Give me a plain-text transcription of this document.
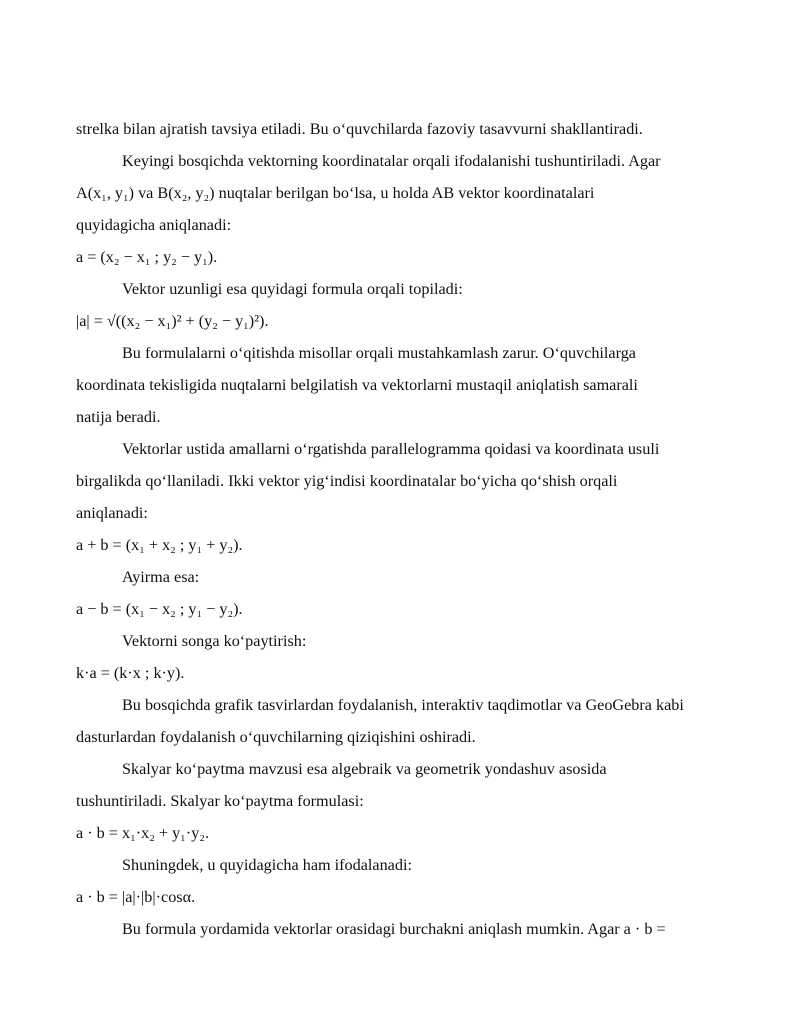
strelka bilan ajratish tavsiya etiladi. Bu o‘quvchilarda fazoviy tasavvurni shakllantiradi.
Keyingi bosqichda vektorning koordinatalar orqali ifodalanishi tushuntiriladi. Agar
A(x₁, y₁) va B(x₂, y₂) nuqtalar berilgan bo‘lsa, u holda AB vektor koordinatalari
quyidagicha aniqlanadi:
a = (x₂ − x₁ ; y₂ − y₁).
Vektor uzunligi esa quyidagi formula orqali topiladi:
|a| = √((x₂ − x₁)² + (y₂ − y₁)²).
Bu formulalarni o‘qitishda misollar orqali mustahkamlash zarur. O‘quvchilarga
koordinata tekisligida nuqtalarni belgilatish va vektorlarni mustaqil aniqlatish samarali
natija beradi.
Vektorlar ustida amallarni o‘rgatishda parallelogramma qoidasi va koordinata usuli
birgalikda qo‘llaniladi. Ikki vektor yig‘indisi koordinatalar bo‘yicha qo‘shish orqali
aniqlanadi:
a + b = (x₁ + x₂ ; y₁ + y₂).
Ayirma esa:
a − b = (x₁ − x₂ ; y₁ − y₂).
Vektorni songa ko‘paytirish:
k·a = (k·x ; k·y).
Bu bosqichda grafik tasvirlardan foydalanish, interaktiv taqdimotlar va GeoGebra kabi
dasturlardan foydalanish o‘quvchilarning qiziqishini oshiradi.
Skalyar ko‘paytma mavzusi esa algebraik va geometrik yondashuv asosida
tushuntiriladi. Skalyar ko‘paytma formulasi:
a · b = x₁·x₂ + y₁·y₂.
Shuningdek, u quyidagicha ham ifodalanadi:
a · b = |a|·|b|·cosα.
Bu formula yordamida vektorlar orasidagi burchakni aniqlash mumkin. Agar a · b =
